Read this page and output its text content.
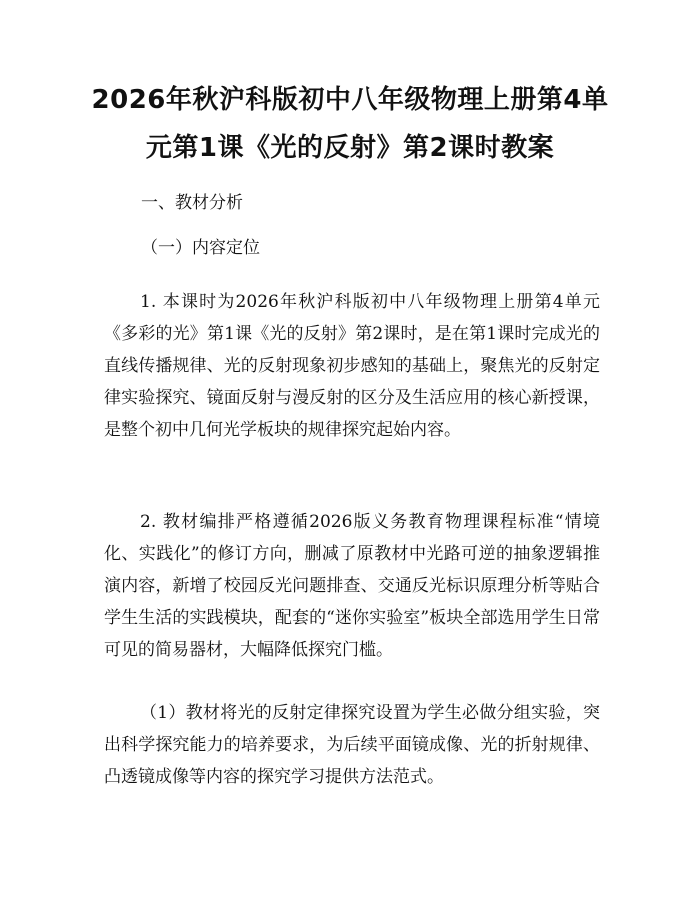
2026年秋沪科版初中八年级物理上册第4单
元第1课《光的反射》第2课时教案
一、教材分析
（一）内容定位
1. 本课时为2026年秋沪科版初中八年级物理上册第4单元《多彩的光》第1课《光的反射》第2课时，是在第1课时完成光的直线传播规律、光的反射现象初步感知的基础上，聚焦光的反射定律实验探究、镜面反射与漫反射的区分及生活应用的核心新授课，是整个初中几何光学板块的规律探究起始内容。
2. 教材编排严格遵循2026版义务教育物理课程标准“情境化、实践化”的修订方向，删减了原教材中光路可逆的抽象逻辑推演内容，新增了校园反光问题排查、交通反光标识原理分析等贴合学生生活的实践模块，配套的“迷你实验室”板块全部选用学生日常可见的简易器材，大幅降低探究门槛。
（1）教材将光的反射定律探究设置为学生必做分组实验，突出科学探究能力的培养要求，为后续平面镜成像、光的折射规律、凸透镜成像等内容的探究学习提供方法范式。
